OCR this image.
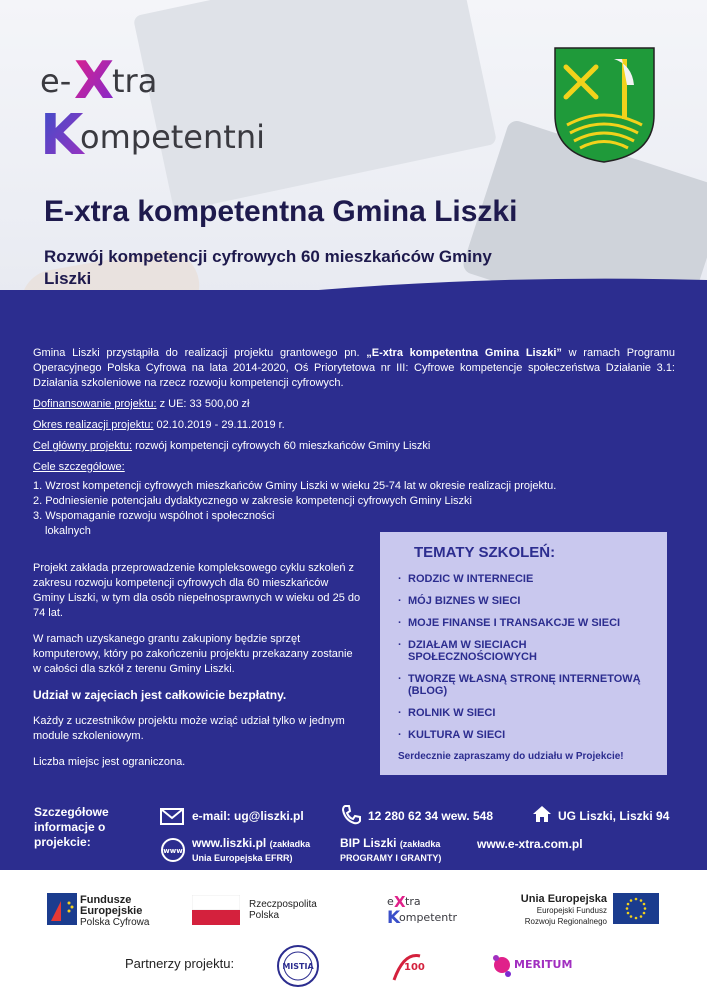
e- X
tra
K
ompetentni
E-xtra kompetentna Gmina Liszki
Rozwój kompetencji cyfrowych 60 mieszkańców Gminy Liszki

Gmina Liszki przystąpiła do realizacji projektu grantowego pn. „E-xtra kompetentna Gmina Liszki” w ramach Programu Operacyjnego Polska Cyfrowa na lata 2014-2020, Oś Priorytetowa nr III: Cyfrowe kompetencje społeczeństwa Działanie 3.1: Działania szkoleniowe na rzecz rozwoju kompetencji cyfrowych.

Dofinansowanie projektu: z UE: 33 500,00 zł

Okres realizacji projektu: 02.10.2019 - 29.11.2019 r.

Cel główny projektu: rozwój kompetencji cyfrowych 60 mieszkańców Gminy Liszki

Cele szczegółowe:

1. Wzrost kompetencji cyfrowych mieszkańców Gminy Liszki w wieku 25-74 lat w okresie realizacji projektu.
2. Podniesienie potencjału dydaktycznego w zakresie kompetencji cyfrowych Gminy Liszki
3. Wspomaganie rozwoju wspólnot i społeczności
lokalnych

Projekt zakłada przeprowadzenie kompleksowego cyklu szkoleń z zakresu rozwoju kompetencji cyfrowych dla 60 mieszkańców Gminy Liszki, w tym dla osób niepełnosprawnych w wieku od 25 do 74 lat.

W ramach uzyskanego grantu zakupiony będzie sprzęt komputerowy, który po zakończeniu projektu przekazany zostanie w całości dla szkół z terenu Gminy Liszki.

Udział w zajęciach jest całkowicie bezpłatny.

Każdy z uczestników projektu może wziąć udział tylko w jednym module szkoleniowym.

Liczba miejsc jest ograniczona.

TEMATY SZKOLEŃ:
· RODZIC W INTERNECIE
· MÓJ BIZNES W SIECI
· MOJE FINANSE I TRANSAKCJE W SIECI
· DZIAŁAM W SIECIACH SPOŁECZNOŚCIOWYCH
· TWORZĘ WŁASNĄ STRONĘ INTERNETOWĄ (BLOG)
· ROLNIK W SIECI
· KULTURA W SIECI

Serdecznie zapraszamy do udziału w Projekcie!

Szczegółowe informacje o projekcie:
e-mail: ug@liszki.pl	12 280 62 34 wew. 548	UG Liszki, Liszki 94
www
www.liszki.pl (zakładka Unia Europejska EFRR)
BIP Liszki (zakładka PROGRAMY I GRANTY)
www.e-xtra.com.pl
Fundusze Europejskie
Polska Cyfrowa
Rzeczpospolita Polska
e X tra
K
ompetentni
Unia Europejska
Europejski Fundusz Rozwoju Regionalnego
Partnerzy projektu:	MISTIA	100	MERITUM
